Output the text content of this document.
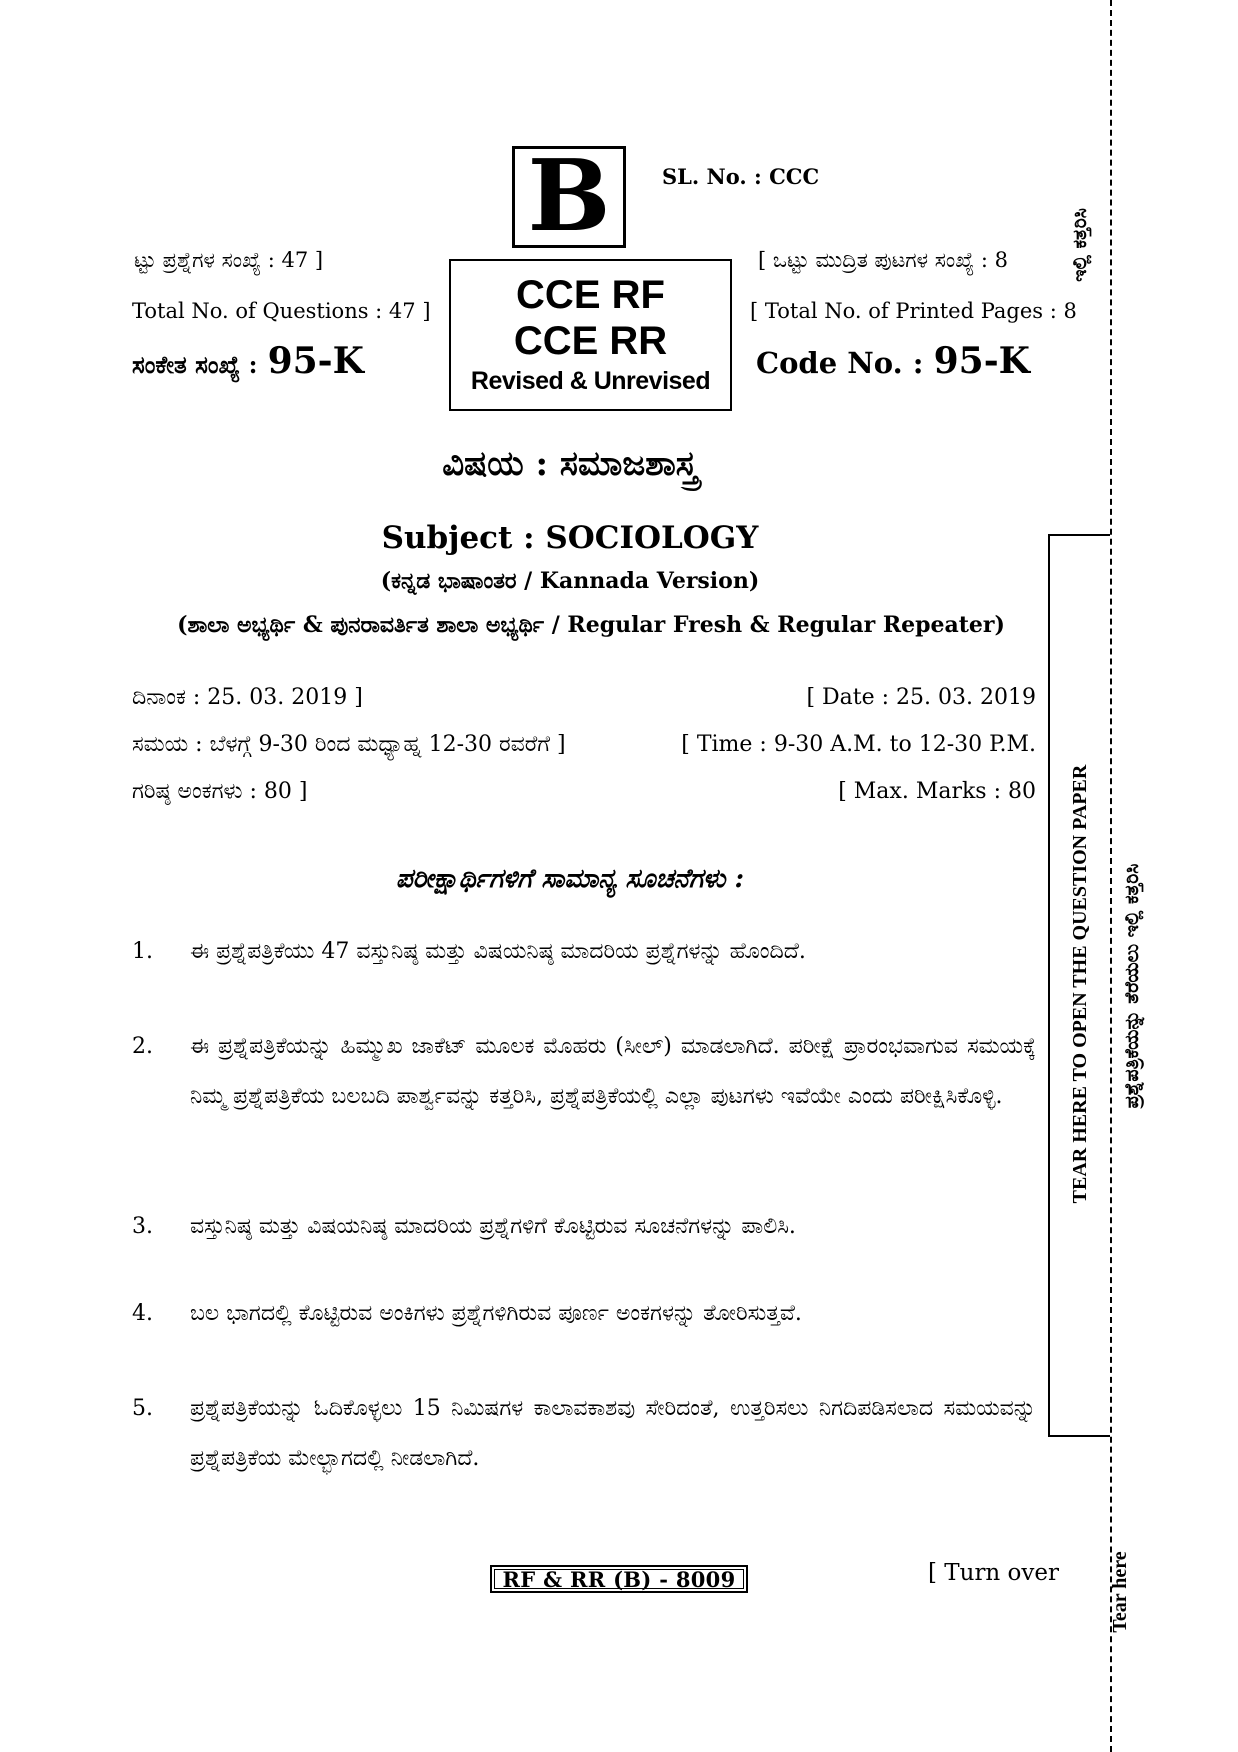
B SL. No. : CCC
ಟ್ಟು ಪ್ರಶ್ನೆಗಳ ಸಂಖ್ಯೆ : 47 ]
Total No. of Questions : 47 ]
ಸಂಕೇತ ಸಂಖ್ಯೆ : 95-K
CCE RF
CCE RR
Revised & Unrevised
[ ಒಟ್ಟು ಮುದ್ರಿತ ಪುಟಗಳ ಸಂಖ್ಯೆ : 8
[ Total No. of Printed Pages : 8
Code No. : 95-K
ವಿಷಯ : ಸಮಾಜಶಾಸ್ತ್ರ
Subject : SOCIOLOGY
(ಕನ್ನಡ ಭಾಷಾಂತರ / Kannada Version)
(ಶಾಲಾ ಅಭ್ಯರ್ಥಿ & ಪುನರಾವರ್ತಿತ ಶಾಲಾ ಅಭ್ಯರ್ಥಿ / Regular Fresh & Regular Repeater)
ದಿನಾಂಕ : 25. 03. 2019 ]	[ Date : 25. 03. 2019
ಸಮಯ : ಬೆಳಗ್ಗೆ 9-30 ರಿಂದ ಮಧ್ಯಾಹ್ನ 12-30 ರವರೆಗೆ ]	[ Time : 9-30 A.M. to 12-30 P.M.
ಗರಿಷ್ಠ ಅಂಕಗಳು : 80 ]	[ Max. Marks : 80
ಪರೀಕ್ಷಾರ್ಥಿಗಳಿಗೆ ಸಾಮಾನ್ಯ ಸೂಚನೆಗಳು :
1. ಈ ಪ್ರಶ್ನೆಪತ್ರಿಕೆಯು 47 ವಸ್ತುನಿಷ್ಠ ಮತ್ತು ವಿಷಯನಿಷ್ಠ ಮಾದರಿಯ ಪ್ರಶ್ನೆಗಳನ್ನು ಹೊಂದಿದೆ.
2. ಈ ಪ್ರಶ್ನೆಪತ್ರಿಕೆಯನ್ನು ಹಿಮ್ಮುಖ ಜಾಕೆಟ್ ಮೂಲಕ ಮೊಹರು (ಸೀಲ್) ಮಾಡಲಾಗಿದೆ. ಪರೀಕ್ಷೆ ಪ್ರಾರಂಭವಾಗುವ ಸಮಯಕ್ಕೆ ನಿಮ್ಮ ಪ್ರಶ್ನೆಪತ್ರಿಕೆಯ ಬಲಬದಿ ಪಾರ್ಶ್ವವನ್ನು ಕತ್ತರಿಸಿ, ಪ್ರಶ್ನೆಪತ್ರಿಕೆಯಲ್ಲಿ ಎಲ್ಲಾ ಪುಟಗಳು ಇವೆಯೇ ಎಂದು ಪರೀಕ್ಷಿಸಿಕೊಳ್ಳಿ.
3. ವಸ್ತುನಿಷ್ಠ ಮತ್ತು ವಿಷಯನಿಷ್ಠ ಮಾದರಿಯ ಪ್ರಶ್ನೆಗಳಿಗೆ ಕೊಟ್ಟಿರುವ ಸೂಚನೆಗಳನ್ನು ಪಾಲಿಸಿ.
4. ಬಲ ಭಾಗದಲ್ಲಿ ಕೊಟ್ಟಿರುವ ಅಂಕಿಗಳು ಪ್ರಶ್ನೆಗಳಿಗಿರುವ ಪೂರ್ಣ ಅಂಕಗಳನ್ನು ತೋರಿಸುತ್ತವೆ.
5. ಪ್ರಶ್ನೆಪತ್ರಿಕೆಯನ್ನು ಓದಿಕೊಳ್ಳಲು 15 ನಿಮಿಷಗಳ ಕಾಲಾವಕಾಶವು ಸೇರಿದಂತೆ, ಉತ್ತರಿಸಲು ನಿಗದಿಪಡಿಸಲಾದ ಸಮಯವನ್ನು ಪ್ರಶ್ನೆಪತ್ರಿಕೆಯ ಮೇಲ್ಭಾಗದಲ್ಲಿ ನೀಡಲಾಗಿದೆ.
RF & RR (B) - 8009	[ Turn over
ಇಲ್ಲಿ ಕತ್ತರಿಸಿ
TEAR HERE TO OPEN THE QUESTION PAPER ಪ್ರಶ್ನೆಪತ್ರಿಕೆಯನ್ನು ತೆರೆಯಲು ಇಲ್ಲಿ ಕತ್ತರಿಸಿ
Tear here
